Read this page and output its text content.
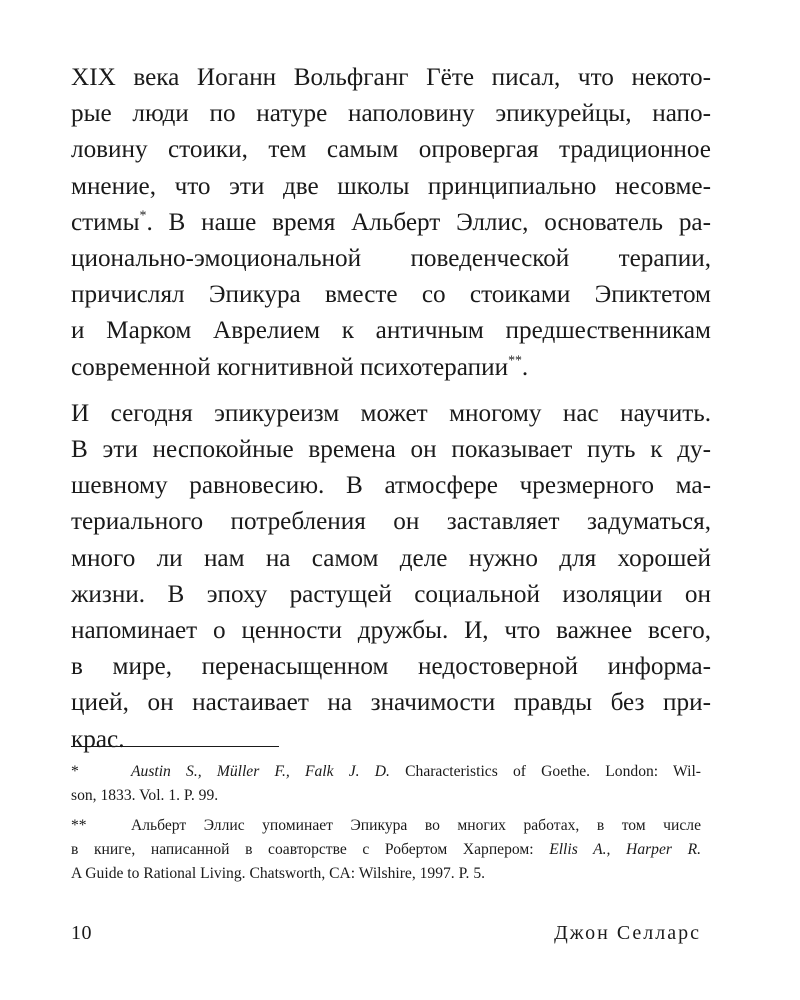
XIX века Иоганн Вольфганг Гёте писал, что некото-
рые люди по натуре наполовину эпикурейцы, напо-
ловину стоики, тем самым опровергая традиционное
мнение, что эти две школы принципиально несовме-
стимы*. В наше время Альберт Эллис, основатель ра-
ционально-эмоциональной поведенческой терапии,
причислял Эпикура вместе со стоиками Эпиктетом
и Марком Аврелием к античным предшественникам
современной когнитивной психотерапии**.
И сегодня эпикуреизм может многому нас научить.
В эти неспокойные времена он показывает путь к ду-
шевному равновесию. В атмосфере чрезмерного ма-
териального потребления он заставляет задуматься,
много ли нам на самом деле нужно для хорошей
жизни. В эпоху растущей социальной изоляции он
напоминает о ценности дружбы. И, что важнее всего,
в мире, перенасыщенном недостоверной информа-
цией, он настаивает на значимости правды без при-
крас.
*	Austin S., Müller F., Falk J. D. Characteristics of Goethe. London: Wil-
son, 1833. Vol. 1. P. 99.
**	Альберт Эллис упоминает Эпикура во многих работах, в том числе
в книге, написанной в соавторстве с Робертом Харпером: Ellis A., Harper R.
A Guide to Rational Living. Chatsworth, CA: Wilshire, 1997. P. 5.
10	Джон Селларс
